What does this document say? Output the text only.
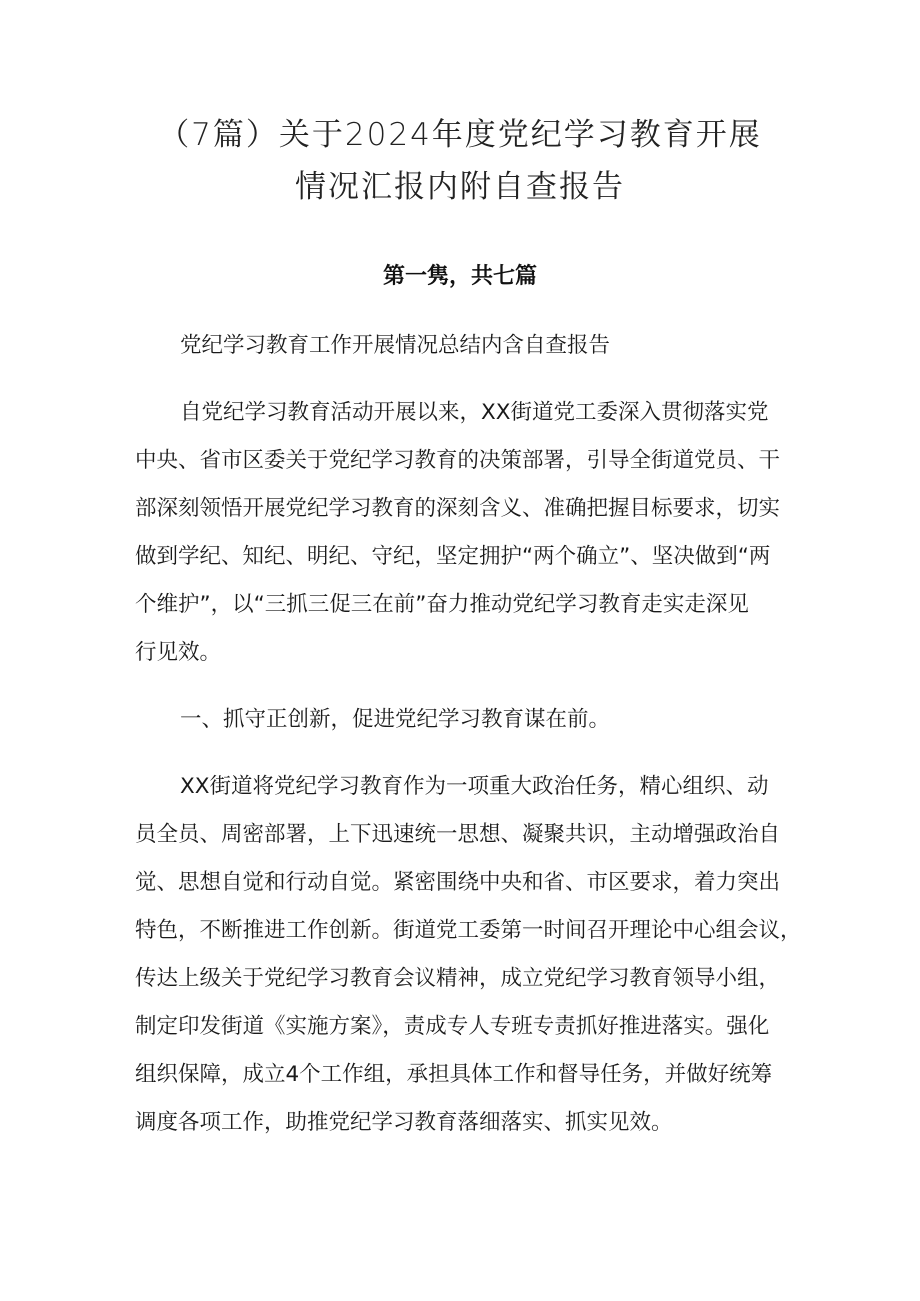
（7篇）关于2024年度党纪学习教育开展
情况汇报内附自查报告
第一隽，共七篇
党纪学习教育工作开展情况总结内含自查报告
自党纪学习教育活动开展以来，XX街道党工委深入贯彻落实党
中央、省市区委关于党纪学习教育的决策部署，引导全街道党员、干
部深刻领悟开展党纪学习教育的深刻含义、准确把握目标要求，切实
做到学纪、知纪、明纪、守纪，坚定拥护“两个确立”、坚决做到“两
个维护”，以“三抓三促三在前”奋力推动党纪学习教育走实走深见
行见效。
一、抓守正创新，促进党纪学习教育谋在前。
XX街道将党纪学习教育作为一项重大政治任务，精心组织、动
员全员、周密部署，上下迅速统一思想、凝聚共识，主动增强政治自
觉、思想自觉和行动自觉。紧密围绕中央和省、市区要求，着力突出
特色，不断推进工作创新。街道党工委第一时间召开理论中心组会议，
传达上级关于党纪学习教育会议精神，成立党纪学习教育领导小组，
制定印发街道《实施方案》，责成专人专班专责抓好推进落实。强化
组织保障，成立4个工作组，承担具体工作和督导任务，并做好统筹
调度各项工作，助推党纪学习教育落细落实、抓实见效。
